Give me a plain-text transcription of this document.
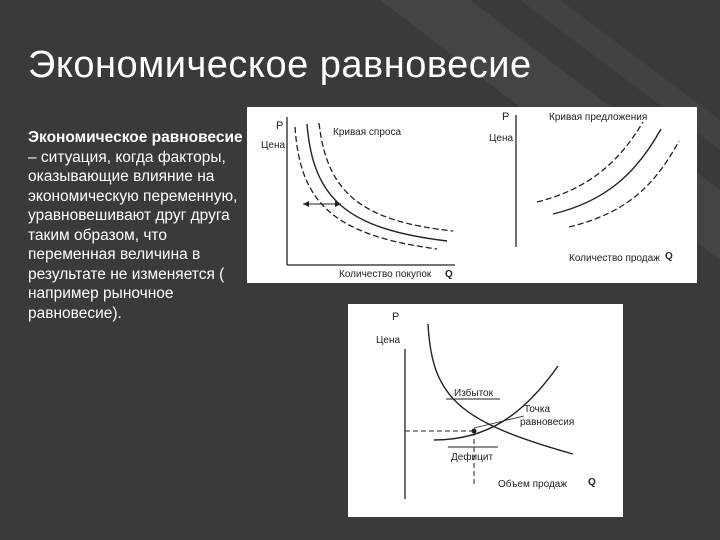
Экономическое равновесие
Экономическое равновесие – ситуация, когда факторы, оказывающие влияние на экономическую переменную, уравновешивают друг друга таким образом, что переменная величина в результате не изменяется ( например рыночное равновесие).
P
Цена
Кривая спроса
Количество покупок Q
P
Цена
Кривая предложения
Количество продаж Q
P
Цена
Избыток
Точка
равновесия
Дефицит
Объем продаж Q
